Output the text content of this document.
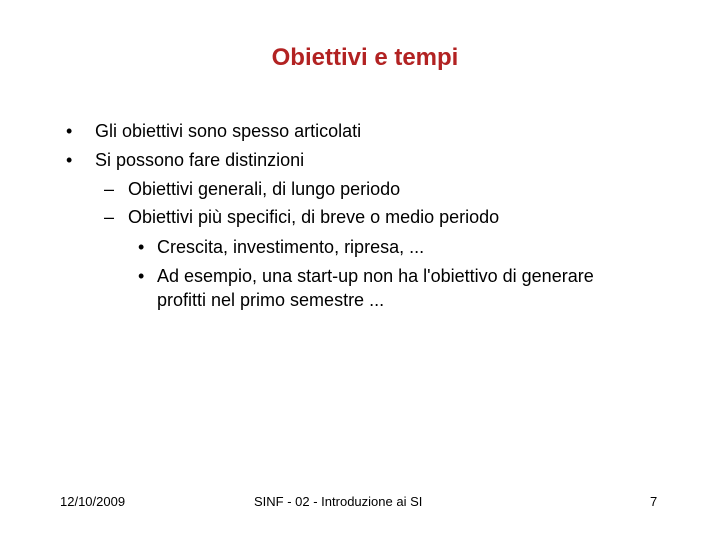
Obiettivi e tempi
• Gli obiettivi sono spesso articolati
• Si possono fare distinzioni
– Obiettivi generali, di lungo periodo
– Obiettivi più specifici, di breve o medio periodo
• Crescita, investimento, ripresa, ...
• Ad esempio, una start-up non ha l'obiettivo di generare
profitti nel primo semestre ...
12/10/2009	SINF - 02 - Introduzione ai SI	7
